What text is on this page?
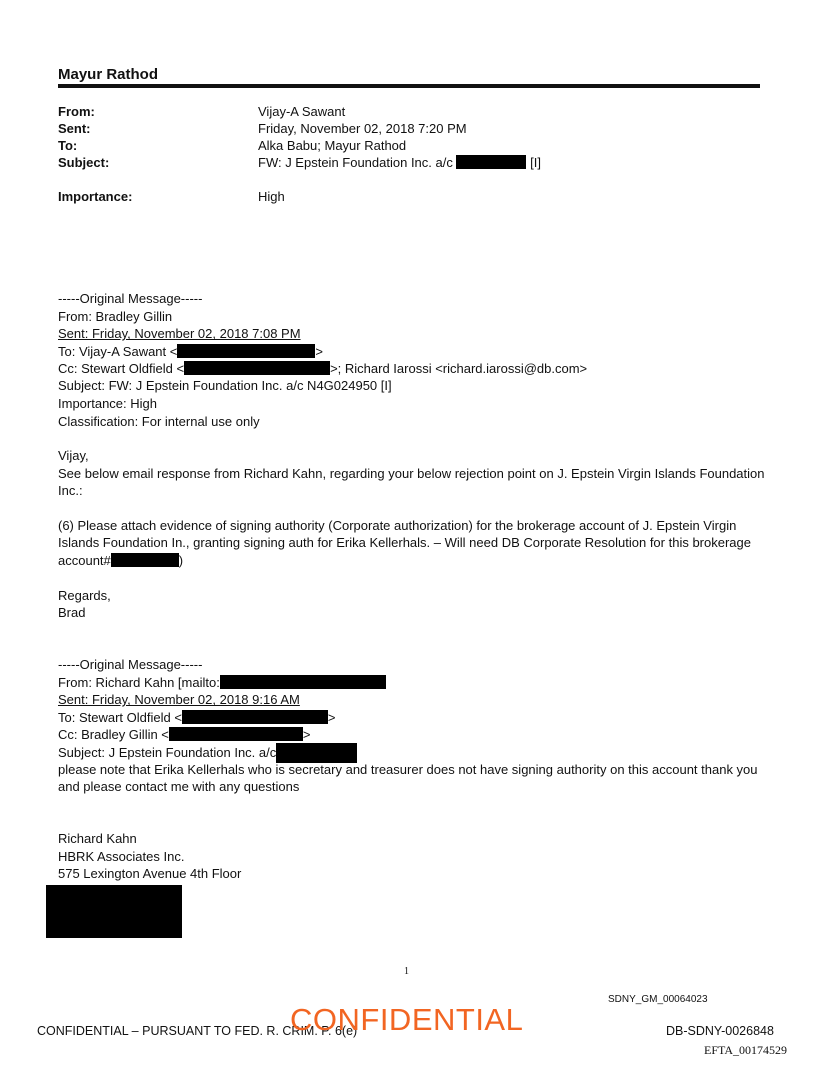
Mayur Rathod
From:	Vijay-A Sawant
Sent:	Friday, November 02, 2018 7:20 PM
To:	Alka Babu; Mayur Rathod
Subject:	FW: J Epstein Foundation Inc. a/c	[I]
Importance:	High

-----Original Message-----
From: Bradley Gillin
Sent: Friday, November 02, 2018 7:08 PM
To: Vijay-A Sawant <	>
Cc: Stewart Oldfield <	>; Richard Iarossi <richard.iarossi@db.com>
Subject: FW: J Epstein Foundation Inc. a/c N4G024950 [I]
Importance: High

Classification: For internal use only
Vijay,
See below email response from Richard Kahn, regarding your below rejection point on J. Epstein Virgin Islands Foundation Inc.:
(6) Please attach evidence of signing authority (Corporate authorization) for the brokerage account of J. Epstein Virgin Islands Foundation In., granting signing auth for Erika Kellerhals. – Will need DB Corporate Resolution for this brokerage account#	)
Regards,
Brad

-----Original Message-----
From: Richard Kahn [mailto:
Sent: Friday, November 02, 2018 9:16 AM
To: Stewart Oldfield <	>
Cc: Bradley Gillin <	>
Subject: J Epstein Foundation Inc. a/c

please note that Erika Kellerhals who is secretary and treasurer does not have signing authority on this account thank you and please contact me with any questions

Richard Kahn
HBRK Associates Inc.
575 Lexington Avenue 4th Floor

1
SDNY_GM_00064023
CONFIDENTIAL – PURSUANT TO FED. R. CRIM. P. 6(e)
CONFIDENTIAL	DB-SDNY-0026848
EFTA_00174529
